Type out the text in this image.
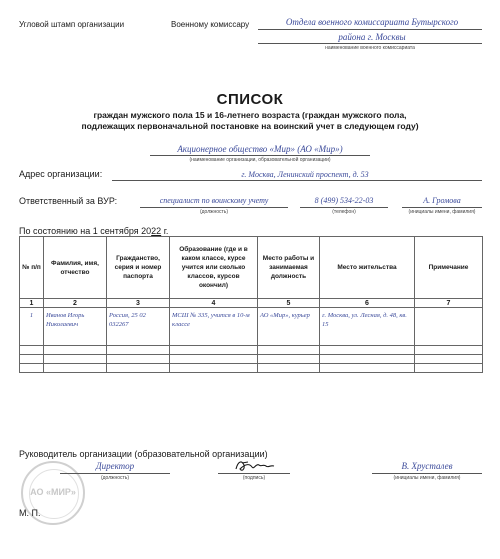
Угловой штамп организации	Военному комиссару	Отдела военного комиссариата Бутырского
района г. Москвы
наименование военного комиссариата
СПИСОК
граждан мужского пола 15 и 16-летнего возраста (граждан мужского пола,
подлежащих первоначальной постановке на воинский учет в следующем году)
Акционерное общество «Мир» (АО «Мир»)
(наименование организации, образовательной организации)
Адрес организации:	г. Москва, Ленинский проспект, д. 53
Ответственный за ВУР:	специалист по воинскому учету
(должность)
8 (499) 534-22-03
(телефон)
А. Громова
(инициалы имени, фамилия)
По состоянию на 1 сентября 2022 г.
№ п/п	Фамилия, имя, отчество	Гражданство, серия и номер паспорта	Образование (где и в каком классе, курсе учится или сколько классов, курсов окончил)	Место работы и занимаемая должность	Место жительства	Примечание
1	2	3	4	5	6	7
1	Иванов Игорь Николаевич	Россия, 25 02 032267	МСШ № 335, учится в 10-м классе	АО «Мир», курьер	г. Москва, ул. Лесная, д. 48, кв. 15	

Руководитель организации (образовательной организации)
АО «МИР»
Директор
(должность)	(подпись)
В. Хрусталев
(инициалы имени, фамилия)
М. П.
